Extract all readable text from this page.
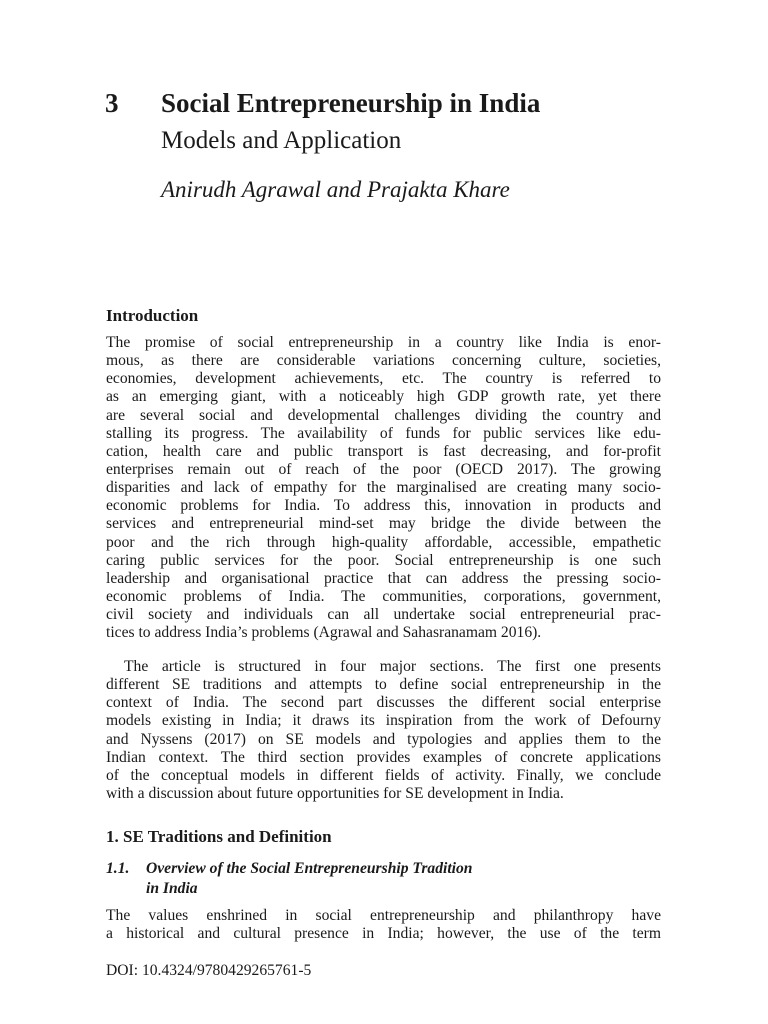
3 Social Entrepreneurship in India
Models and Application
Anirudh Agrawal and Prajakta Khare
Introduction
The promise of social entrepreneurship in a country like India is enor-
mous, as there are considerable variations concerning culture, societies,
economies, development achievements, etc. The country is referred to
as an emerging giant, with a noticeably high GDP growth rate, yet there
are several social and developmental challenges dividing the country and
stalling its progress. The availability of funds for public services like edu-
cation, health care and public transport is fast decreasing, and for-profit
enterprises remain out of reach of the poor (OECD 2017). The growing
disparities and lack of empathy for the marginalised are creating many socio-
economic problems for India. To address this, innovation in products and
services and entrepreneurial mind-set may bridge the divide between the
poor and the rich through high-quality affordable, accessible, empathetic
caring public services for the poor. Social entrepreneurship is one such
leadership and organisational practice that can address the pressing socio-
economic problems of India. The communities, corporations, government,
civil society and individuals can all undertake social entrepreneurial prac-
tices to address India’s problems (Agrawal and Sahasranamam 2016).
The article is structured in four major sections. The first one presents
different SE traditions and attempts to define social entrepreneurship in the
context of India. The second part discusses the different social enterprise
models existing in India; it draws its inspiration from the work of Defourny
and Nyssens (2017) on SE models and typologies and applies them to the
Indian context. The third section provides examples of concrete applications
of the conceptual models in different fields of activity. Finally, we conclude
with a discussion about future opportunities for SE development in India.
1. SE Traditions and Definition
1.1. Overview of the Social Entrepreneurship Tradition
in India
The values enshrined in social entrepreneurship and philanthropy have
a historical and cultural presence in India; however, the use of the term
DOI: 10.4324/9780429265761-5
